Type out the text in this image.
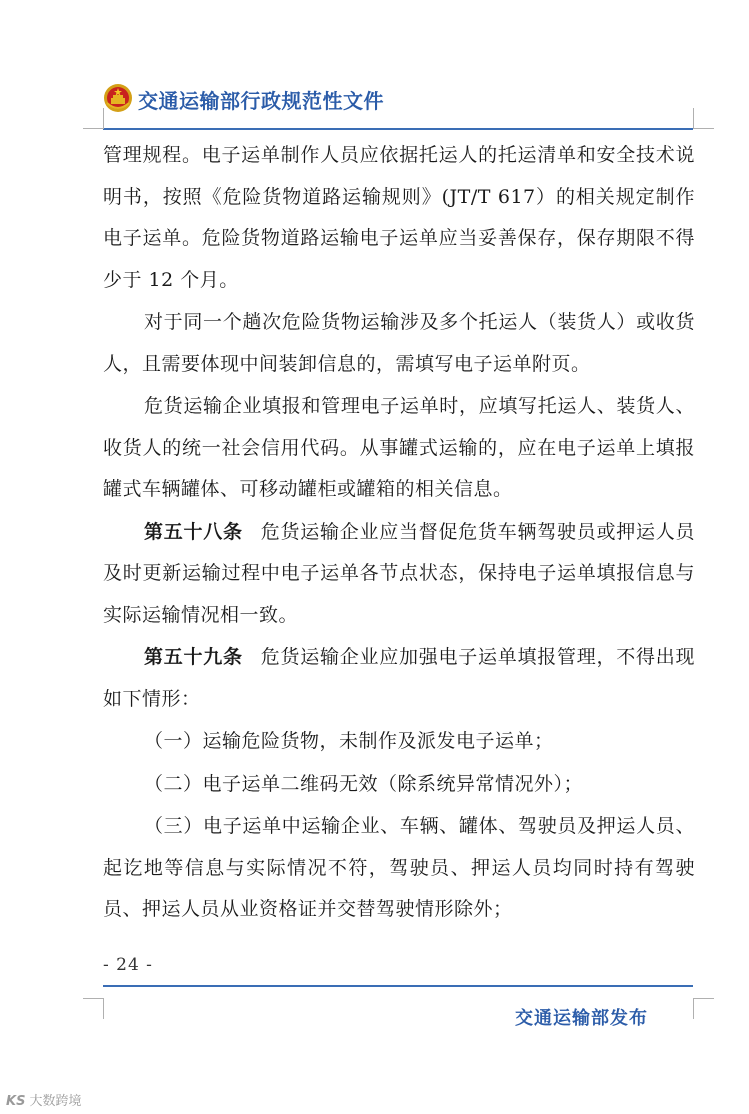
交通运输部行政规范性文件

管理规程。电子运单制作人员应依据托运人的托运清单和安全技术说明书，按照《危险货物道路运输规则》(JT/T 617）的相关规定制作电子运单。危险货物道路运输电子运单应当妥善保存，保存期限不得少于 12 个月。

对于同一个趟次危险货物运输涉及多个托运人（装货人）或收货人，且需要体现中间装卸信息的，需填写电子运单附页。

危货运输企业填报和管理电子运单时，应填写托运人、装货人、收货人的统一社会信用代码。从事罐式运输的，应在电子运单上填报罐式车辆罐体、可移动罐柜或罐箱的相关信息。

第五十八条 危货运输企业应当督促危货车辆驾驶员或押运人员及时更新运输过程中电子运单各节点状态，保持电子运单填报信息与实际运输情况相一致。

第五十九条 危货运输企业应加强电子运单填报管理，不得出现如下情形：

（一）运输危险货物，未制作及派发电子运单；

（二）电子运单二维码无效（除系统异常情况外）；

（三）电子运单中运输企业、车辆、罐体、驾驶员及押运人员、起讫地等信息与实际情况不符，驾驶员、押运人员均同时持有驾驶员、押运人员从业资格证并交替驾驶情形除外；

- 24 -
交通运输部发布
KS 大数跨境
